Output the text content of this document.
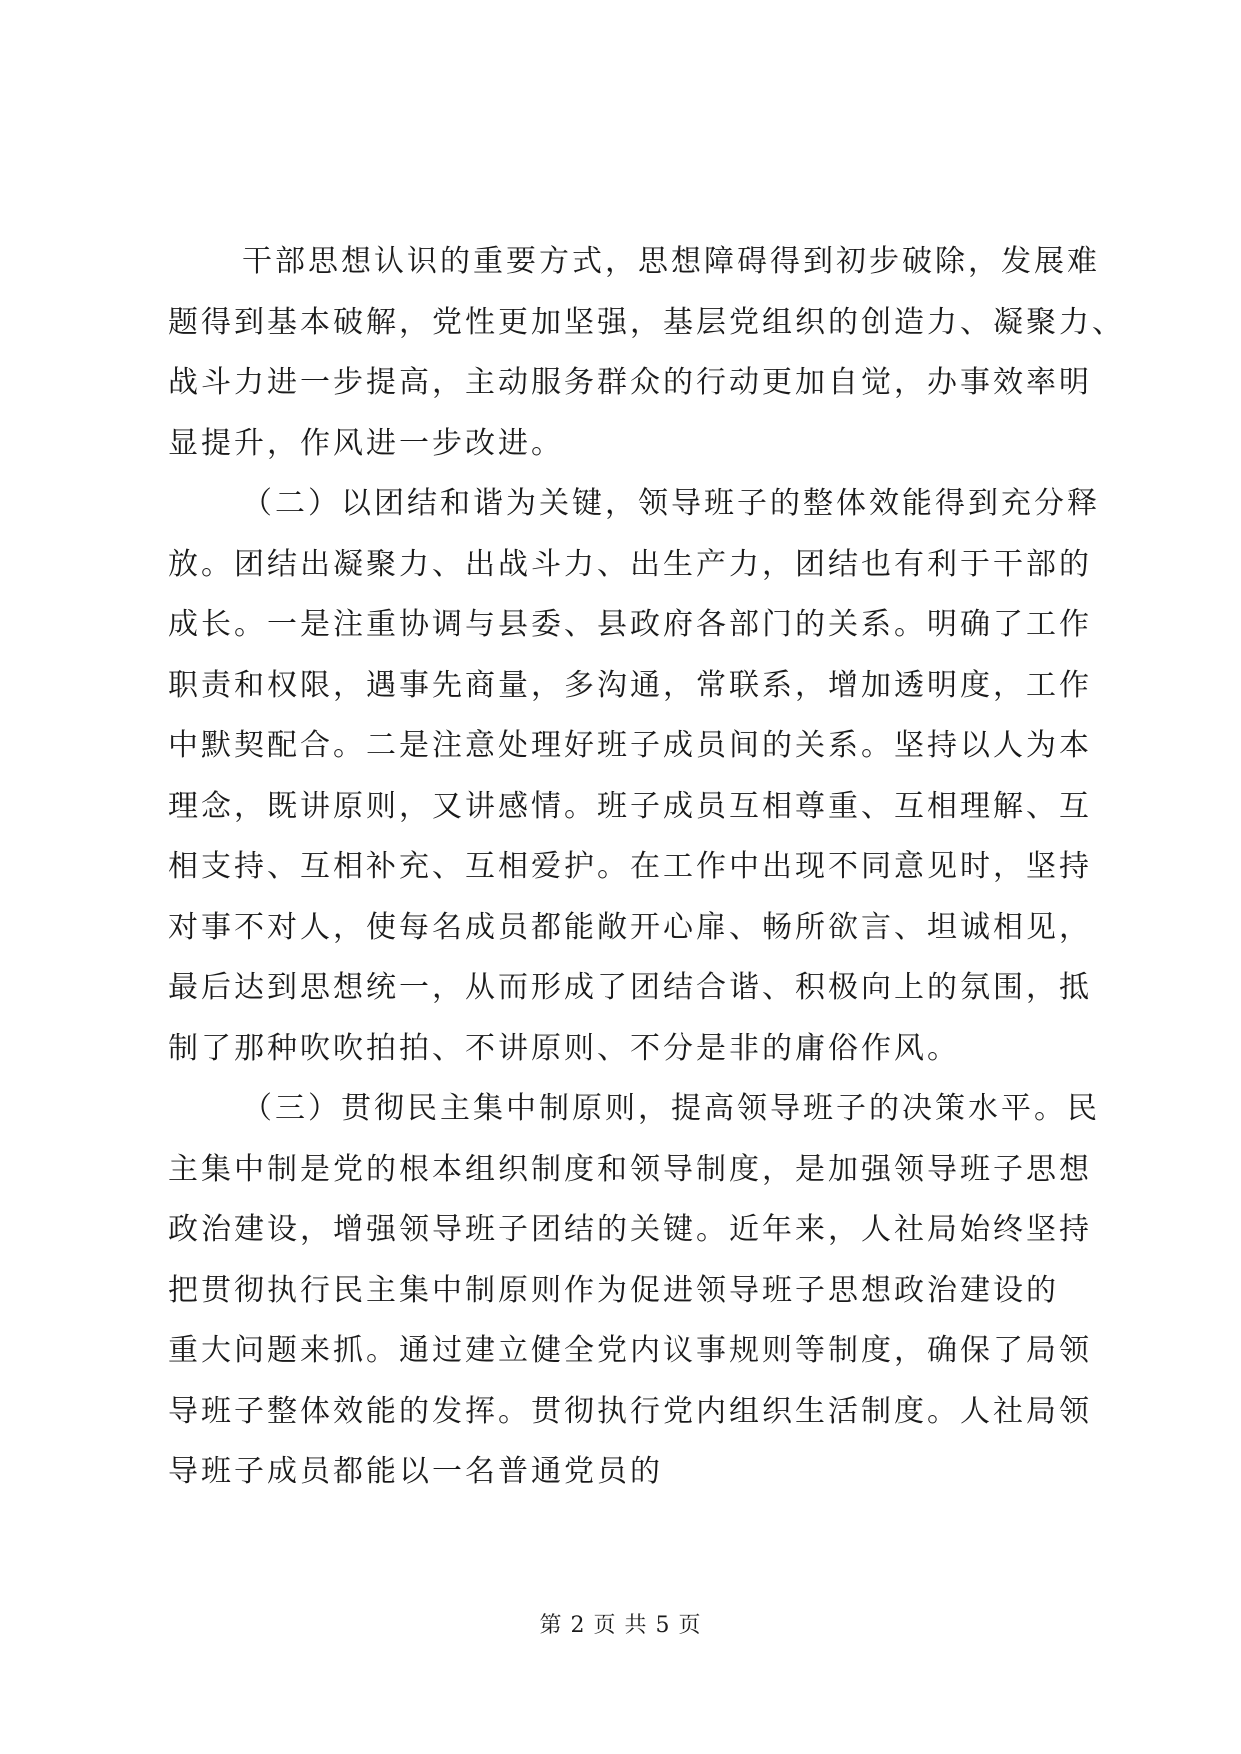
干部思想认识的重要方式，思想障碍得到初步破除，发展难
题得到基本破解，党性更加坚强，基层党组织的创造力、凝聚力、
战斗力进一步提高，主动服务群众的行动更加自觉，办事效率明
显提升，作风进一步改进。
（二）以团结和谐为关键，领导班子的整体效能得到充分释
放。团结出凝聚力、出战斗力、出生产力，团结也有利于干部的
成长。一是注重协调与县委、县政府各部门的关系。明确了工作
职责和权限，遇事先商量，多沟通，常联系，增加透明度，工作
中默契配合。二是注意处理好班子成员间的关系。坚持以人为本
理念，既讲原则，又讲感情。班子成员互相尊重、互相理解、互
相支持、互相补充、互相爱护。在工作中出现不同意见时，坚持
对事不对人，使每名成员都能敞开心扉、畅所欲言、坦诚相见，
最后达到思想统一，从而形成了团结合谐、积极向上的氛围，抵
制了那种吹吹拍拍、不讲原则、不分是非的庸俗作风。
（三）贯彻民主集中制原则，提高领导班子的决策水平。民
主集中制是党的根本组织制度和领导制度，是加强领导班子思想
政治建设，增强领导班子团结的关键。近年来，人社局始终坚持
把贯彻执行民主集中制原则作为促进领导班子思想政治建设的
重大问题来抓。通过建立健全党内议事规则等制度，确保了局领
导班子整体效能的发挥。贯彻执行党内组织生活制度。人社局领
导班子成员都能以一名普通党员的
第 2 页 共 5 页
